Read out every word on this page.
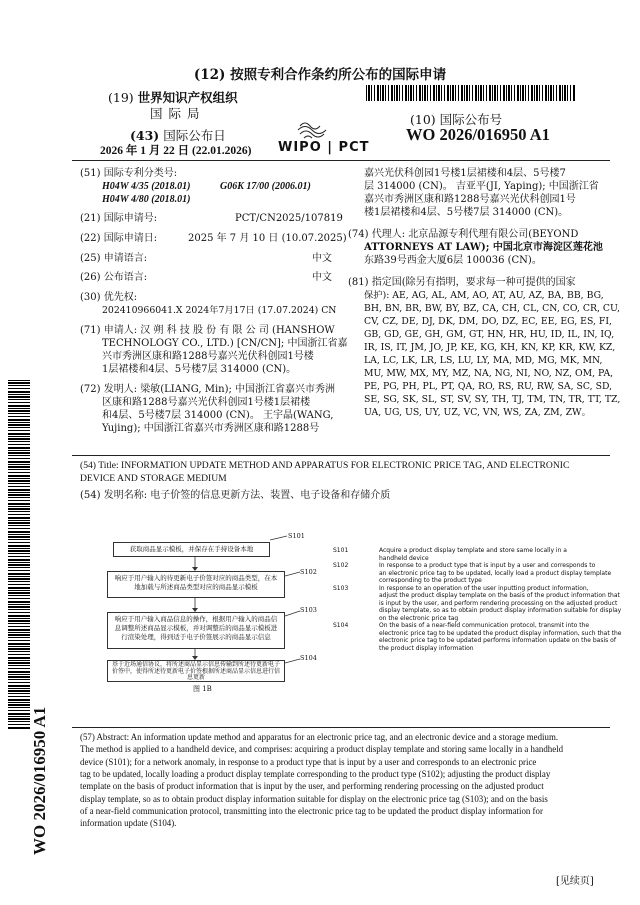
(12) 按照专利合作条约所公布的国际申请
(19) 世界知识产权组织
国 际 局
(43) 国际公布日
2026 年 1 月 22 日 (22.01.2026) WIPO | PCT
(10) 国际公布号
WO 2026/016950 A1
WO 2026/016950 A1
(51) 国际专利分类号:
H04W 4/35 (2018.01)	G06K 17/00 (2006.01)
H04W 4/80 (2018.01)
(21) 国际申请号:	PCT/CN2025/107819
(22) 国际申请日:	2025 年 7 月 10 日 (10.07.2025)
(25) 申请语言:	中文
(26) 公布语言:	中文
(30) 优先权:
202410966041.X 2024年7月17日 (17.07.2024) CN
(71) 申请人: 汉 朔 科 技 股 份 有 限 公 司 (HANSHOW
TECHNOLOGY CO., LTD.) [CN/CN]; 中国浙江省嘉
兴市秀洲区康和路1288号嘉兴光伏科创园1号楼
1层裙楼和4层、5号楼7层 314000 (CN)。
(72) 发明人: 梁敏(LIANG, Min); 中国浙江省嘉兴市秀洲
区康和路1288号嘉兴光伏科创园1号楼1层裙楼
和4层、5号楼7层 314000 (CN)。 王宇晶(WANG,
Yujing); 中国浙江省嘉兴市秀洲区康和路1288号
嘉兴光伏科创园1号楼1层裙楼和4层、5号楼7
层 314000 (CN)。 吉亚平(JI, Yaping); 中国浙江省
嘉兴市秀洲区康和路1288号嘉兴光伏科创园1号
楼1层裙楼和4层、5号楼7层 314000 (CN)。
(74) 代理人: 北京品源专利代理有限公司(BEYOND
ATTORNEYS AT LAW); 中国北京市海淀区莲花池
东路39号西金大厦6层 100036 (CN)。
(81) 指定国(除另有指明，要求每一种可提供的国家
保护): AE, AG, AL, AM, AO, AT, AU, AZ, BA, BB, BG,
BH, BN, BR, BW, BY, BZ, CA, CH, CL, CN, CO, CR, CU,
CV, CZ, DE, DJ, DK, DM, DO, DZ, EC, EE, EG, ES, FI,
GB, GD, GE, GH, GM, GT, HN, HR, HU, ID, IL, IN, IQ,
IR, IS, IT, JM, JO, JP, KE, KG, KH, KN, KP, KR, KW, KZ,
LA, LC, LK, LR, LS, LU, LY, MA, MD, MG, MK, MN,
MU, MW, MX, MY, MZ, NA, NG, NI, NO, NZ, OM, PA,
PE, PG, PH, PL, PT, QA, RO, RS, RU, RW, SA, SC, SD,
SE, SG, SK, SL, ST, SV, SY, TH, TJ, TM, TN, TR, TT, TZ,
UA, UG, US, UY, UZ, VC, VN, WS, ZA, ZM, ZW。
(54) Title: INFORMATION UPDATE METHOD AND APPARATUS FOR ELECTRONIC PRICE TAG, AND ELECTRONIC
DEVICE AND STORAGE MEDIUM
(54) 发明名称: 电子价签的信息更新方法、装置、电子设备和存储介质
S101
获取商品显示模板，并保存在手持设备本地
S102
响应于用户输入的待更新电子价签对应的商品类型，在本地加载与所述商品类型对应的商品显示模板
S103
响应于用户输入商品信息的操作，根据用户输入的商品信息调整所述商品显示模板，并对调整后的商品显示模板进行渲染处理，得到适于电子价签展示的商品显示信息
S104
基于近场通信协议，将所述商品显示信息传输到所述待更新电子价签中，使得所述待更新电子价签根据所述商品显示信息进行信息更新
图 1B
S101	Acquire a product display template and store same locally in a
handheld device
S102	In response to a product type that is input by a user and corresponds to
an electronic price tag to be updated, locally load a product display template
corresponding to the product type
S103	In response to an operation of the user inputting product information,
adjust the product display template on the basis of the product information that
is input by the user, and perform rendering processing on the adjusted product
display template, so as to obtain product display information suitable for display
on the electronic price tag
S104	On the basis of a near-field communication protocol, transmit into the
electronic price tag to be updated the product display information, such that the
electronic price tag to be updated performs information update on the basis of
the product display information
(57) Abstract: An information update method and apparatus for an electronic price tag, and an electronic device and a storage medium.
The method is applied to a handheld device, and comprises: acquiring a product display template and storing same locally in a handheld
device (S101); for a network anomaly, in response to a product type that is input by a user and corresponds to an electronic price
tag to be updated, locally loading a product display template corresponding to the product type (S102); adjusting the product display
template on the basis of product information that is input by the user, and performing rendering processing on the adjusted product
display template, so as to obtain product display information suitable for display on the electronic price tag (S103); and on the basis
of a near-field communication protocol, transmitting into the electronic price tag to be updated the product display information for
information update (S104).
[见续页]
